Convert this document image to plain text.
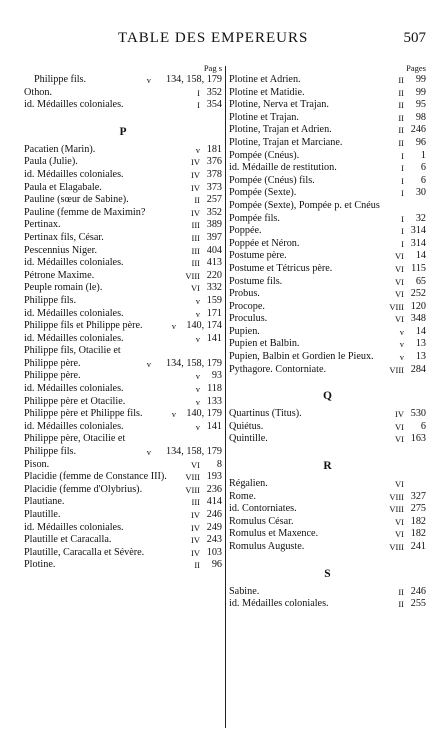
TABLE DES EMPEREURS	507
Pag s
Philippe fils.	v 134, 158, 179
Othon.	I 352
id. Médailles coloniales.	I 354
P
Pacatien (Marin).	v 181
Paula (Julie).	IV 376
id. Médailles coloniales.	IV 378
Paula et Elagabale.	IV 373
Pauline (sœur de Sabine).	II 257
Pauline (femme de Maximin?	IV 352
Pertinax.	III 389
Pertinax fils, César.	III 397
Pescennius Niger.	III 404
id. Médailles coloniales.	III 413
Pétrone Maxime.	VIII 220
Peuple romain (le).	VI 332
Philippe fils.	v 159
id. Médailles coloniales.	v 171
Philippe fils et Philippe père.	v 140, 174
id. Médailles coloniales.	v 141
Philippe fils, Otacilie et Philippe père.	v 134, 158, 179
Philippe père.	v	93
id. Médailles coloniales.	v 118
Philippe père et Otacilie.	v 133
Philippe père et Philippe fils.	v 140, 179
id. Médailles coloniales.	v 141
Philippe père, Otacilie et Philippe fils.	v 134, 158, 179
Pison.	VI	8
Placidie (femme de Constance III).	VIII 193
Placidie (femme d'Olybrius).	VIII 236
Plautiane.	III 414
Plautille.	IV 246
id. Médailles coloniales.	IV 249
Plautille et Caracalla.	IV 243
Plautille, Caracalla et Sévère.	IV 103
Plotine.	II	96
Pages
Plotine et Adrien.	II	99
Plotine et Matidie.	II	99
Plotine, Nerva et Trajan.	II	95
Plotine et Trajan.	II	98
Plotine, Trajan et Adrien.	II 246
Plotine, Trajan et Marciane.	II	96
Pompée (Cnéus).	I	1
id. Médaille de restitution.	I	6
Pompée (Cnéus) fils.	I	6
Pompée (Sexte).	I	30
Pompée (Sexte), Pompée p. et Cnéus Pompée fils.	I	32
Poppée.	I 314
Poppée et Néron.	I 314
Postume père.	VI	14
Postume et Tétricus père.	VI 115
Postume fils.	VI	65
Probus.	VI 252
Procope.	VIII 120
Proculus.	VI 348
Pupien.	v	14
Pupien et Balbin.	v	13
Pupien, Balbin et Gordien le Pieux.	v	13
Pythagore. Contorniate.	VIII 284
Q
Quartinus (Titus).	IV 530
Quiétus.	VI	6
Quintille.	VI 163
R
Régalien.	VI
Rome.	VIII 327
id. Contorniates.	VIII 275
Romulus César.	VI 182
Romulus et Maxence.	VI 182
Romulus Auguste.	VIII 241
S
Sabine.	II 246
id. Médailles coloniales.	II 255
